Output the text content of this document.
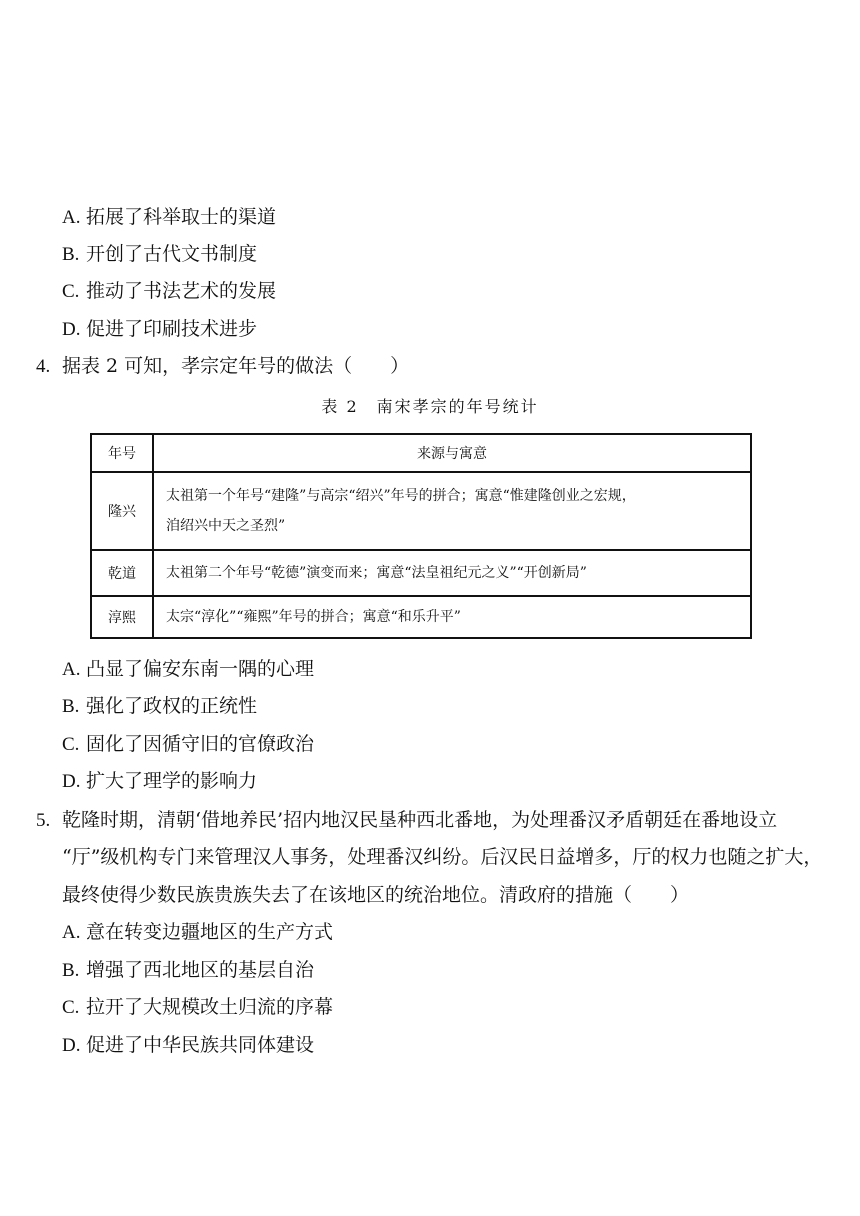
A. 拓展了科举取士的渠道
B. 开创了古代文书制度
C. 推动了书法艺术的发展
D. 促进了印刷技术进步
4. 据表 2 可知，孝宗定年号的做法（　　）
表 2　南宋孝宗的年号统计
年号	来源与寓意
隆兴	太祖第一个年号“建隆”与高宗“绍兴”年号的拼合；寓意“惟建隆创业之宏规，
洎绍兴中天之圣烈”

乾道	太祖第二个年号“乾德”演变而来；寓意“法皇祖纪元之义”“开创新局”

淳熙	太宗“淳化”“雍熙”年号的拼合；寓意“和乐升平”
A. 凸显了偏安东南一隅的心理
B. 强化了政权的正统性
C. 固化了因循守旧的官僚政治
D. 扩大了理学的影响力
5. 乾隆时期，清朝‘借地养民’招内地汉民垦种西北番地，为处理番汉矛盾朝廷在番地设立
“厅”级机构专门来管理汉人事务，处理番汉纠纷。后汉民日益增多，厅的权力也随之扩大，
最终使得少数民族贵族失去了在该地区的统治地位。清政府的措施（　　）
A. 意在转变边疆地区的生产方式
B. 增强了西北地区的基层自治
C. 拉开了大规模改土归流的序幕
D. 促进了中华民族共同体建设
